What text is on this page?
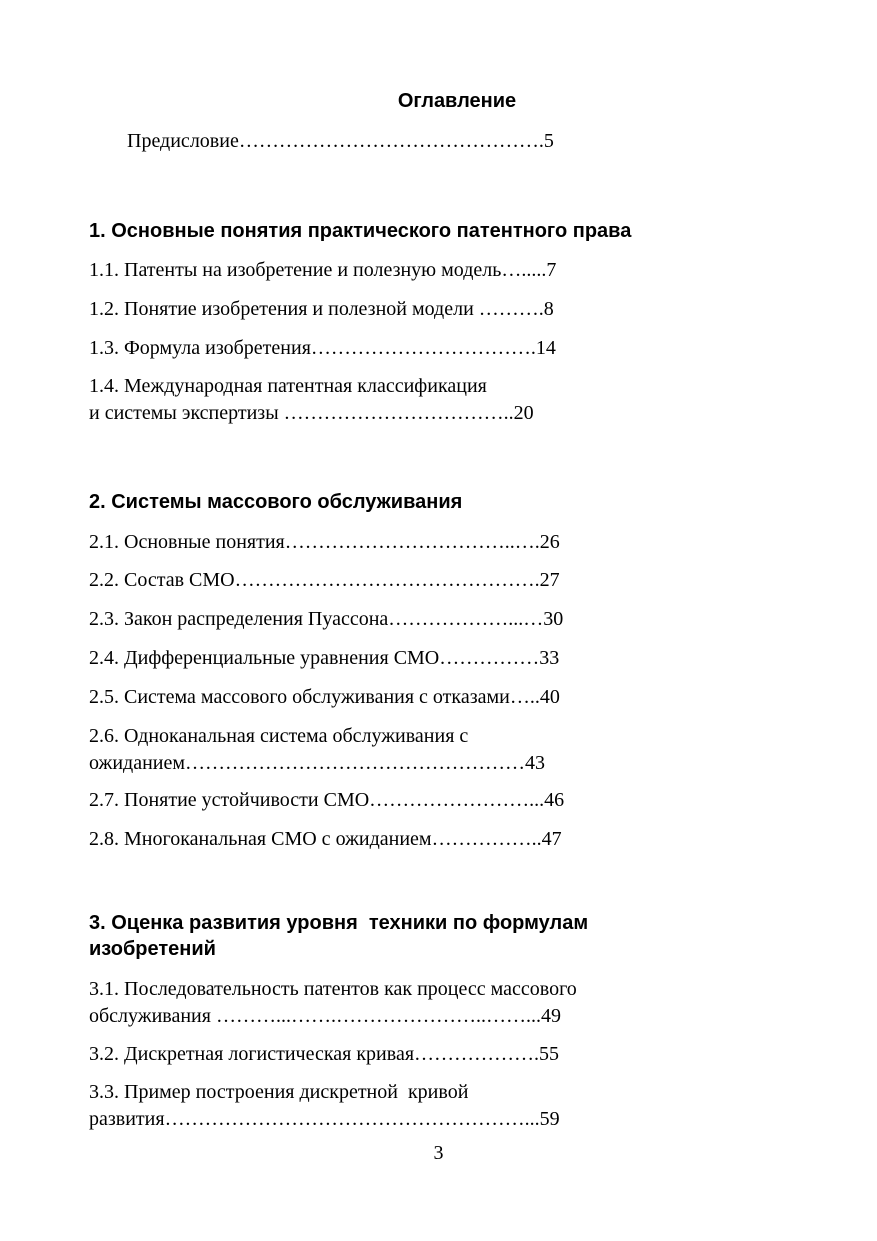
Оглавление
Предисловие……………………………………….5
1. Основные понятия практического патентного права
1.1. Патенты на изобретение и полезную модель….....7
1.2. Понятие изобретения и полезной модели ……….8
1.3. Формула изобретения…………………………….14
1.4. Международная патентная классификация
и системы экспертизы ……………………………..20
2. Системы массового обслуживания
2.1. Основные понятия……………………………..….26
2.2. Состав СМО……………………………………….27
2.3. Закон распределения Пуассона………………...…30
2.4. Дифференциальные уравнения СМО……………33
2.5. Система массового обслуживания с отказами…..40
2.6. Одноканальная система обслуживания с
ожиданием……………………………………………43
2.7. Понятие устойчивости СМО……………………...46
2.8. Многоканальная СМО с ожиданием……………..47
3. Оценка развития уровня  техники по формулам
изобретений
3.1. Последовательность патентов как процесс массового
обслуживания ………...…….…………………..……...49
3.2. Дискретная логистическая кривая……………….55
3.3. Пример построения дискретной  кривой
развития………………………………………………...59
3
